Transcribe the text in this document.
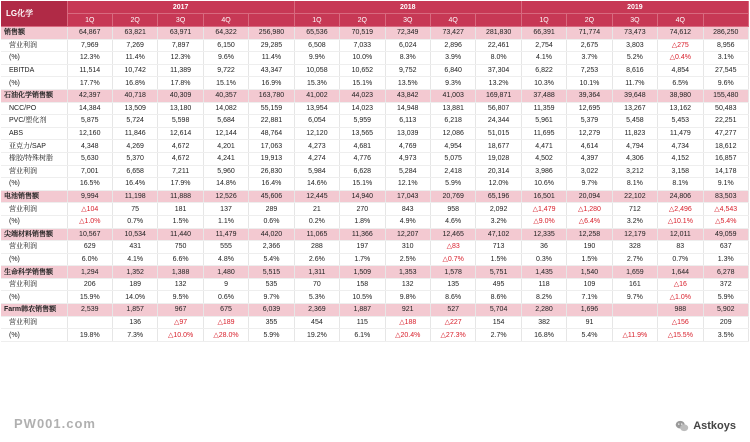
LG化学	2017					2018					2019				
	1Q	2Q	3Q	4Q		1Q	2Q	3Q	4Q		1Q	2Q	3Q	4Q	
销售额	64,867	63,821	63,971	64,322	256,980	65,536	70,519	72,349	73,427	281,830	66,391	71,774	73,473	74,612	286,250
营业利润	7,969	7,269	7,897	6,150	29,285	6,508	7,033	6,024	2,896	22,461	2,754	2,675	3,803	△275	8,956
(%)	12.3%	11.4%	12.3%	9.6%	11.4%	9.9%	10.0%	8.3%	3.9%	8.0%	4.1%	3.7%	5.2%	△0.4%	3.1%
EBITDA	11,514	10,742	11,389	9,722	43,347	10,058	10,652	9,752	6,840	37,304	6,822	7,253	8,616	4,854	27,545
(%)	17.7%	16.8%	17.8%	15.1%	16.9%	15.3%	15.1%	13.5%	9.3%	13.2%	10.3%	10.1%	11.7%	6.5%	9.6%
石油化学销售额	42,397	40,718	40,309	40,357	163,780	41,002	44,023	43,842	41,003	169,871	37,488	39,364	39,648	38,980	155,480
NCC/PO	14,384	13,509	13,180	14,082	55,159	13,954	14,023	14,948	13,881	56,807	11,359	12,695	13,267	13,162	50,483
PVC/塑化剂	5,875	5,724	5,598	5,684	22,881	6,054	5,959	6,113	6,218	24,344	5,961	5,379	5,458	5,453	22,251
ABS	12,160	11,846	12,614	12,144	48,764	12,120	13,565	13,039	12,086	51,015	11,695	12,279	11,823	11,479	47,277
亚克力/SAP	4,348	4,269	4,672	4,201	17,063	4,273	4,681	4,769	4,954	18,677	4,471	4,614	4,794	4,734	18,612
橡胶/特殊树脂	5,630	5,370	4,672	4,241	19,913	4,274	4,776	4,973	5,075	19,028	4,502	4,397	4,306	4,152	16,857
营业利润	7,001	6,658	7,211	5,960	26,830	5,984	6,628	5,284	2,418	20,314	3,986	3,022	3,212	3,158	14,178
(%)	16.5%	16.4%	17.9%	14.8%	16.4%	14.6%	15.1%	12.1%	5.9%	12.0%	10.6%	9.7%	8.1%	8.1%	9.1%
电池销售额	9,994	11,198	11,888	12,526	45,606	12,445	14,940	17,043	20,769	65,196	16,501	20,094	22,102	24,806	83,503
营业利润	△104	75	181	137	289	21	270	843	958	2,092	△1,479	△1,280	712	△2,496	△4,543
(%)	△1.0%	0.7%	1.5%	1.1%	0.6%	0.2%	1.8%	4.9%	4.6%	3.2%	△9.0%	△6.4%	3.2%	△10.1%	△5.4%
尖端材料销售额	10,567	10,534	11,440	11,479	44,020	11,065	11,366	12,207	12,465	47,102	12,335	12,258	12,179	12,011	49,059
营业利润	629	431	750	555	2,366	288	197	310	△83	713	36	190	328	83	637
(%)	6.0%	4.1%	6.6%	4.8%	5.4%	2.6%	1.7%	2.5%	△0.7%	1.5%	0.3%	1.5%	2.7%	0.7%	1.3%
生命科学销售额	1,294	1,352	1,388	1,480	5,515	1,311	1,509	1,353	1,578	5,751	1,435	1,540	1,659	1,644	6,278
营业利润	206	189	132	9	535	70	158	132	135	495	118	109	161	△16	372
(%)	15.9%	14.0%	9.5%	0.6%	9.7%	5.3%	10.5%	9.8%	8.6%	8.6%	8.2%	7.1%	9.7%	△1.0%	5.9%
Farm韩农销售额	2,539	1,857	967	675	6,039	2,369	1,887	921	527	5,704	2,280	1,696		988	5,902
营业利润		136	△97	△189	355	454	115	△188	△227	154	382	91		△156	209
(%)	19.8%	7.3%	△10.0%	△28.0%	5.9%	19.2%	6.1%	△20.4%	△27.3%	2.7%	16.8%	5.4%	△11.9%	△15.5%	3.5%
PW001.com	Astkoys
